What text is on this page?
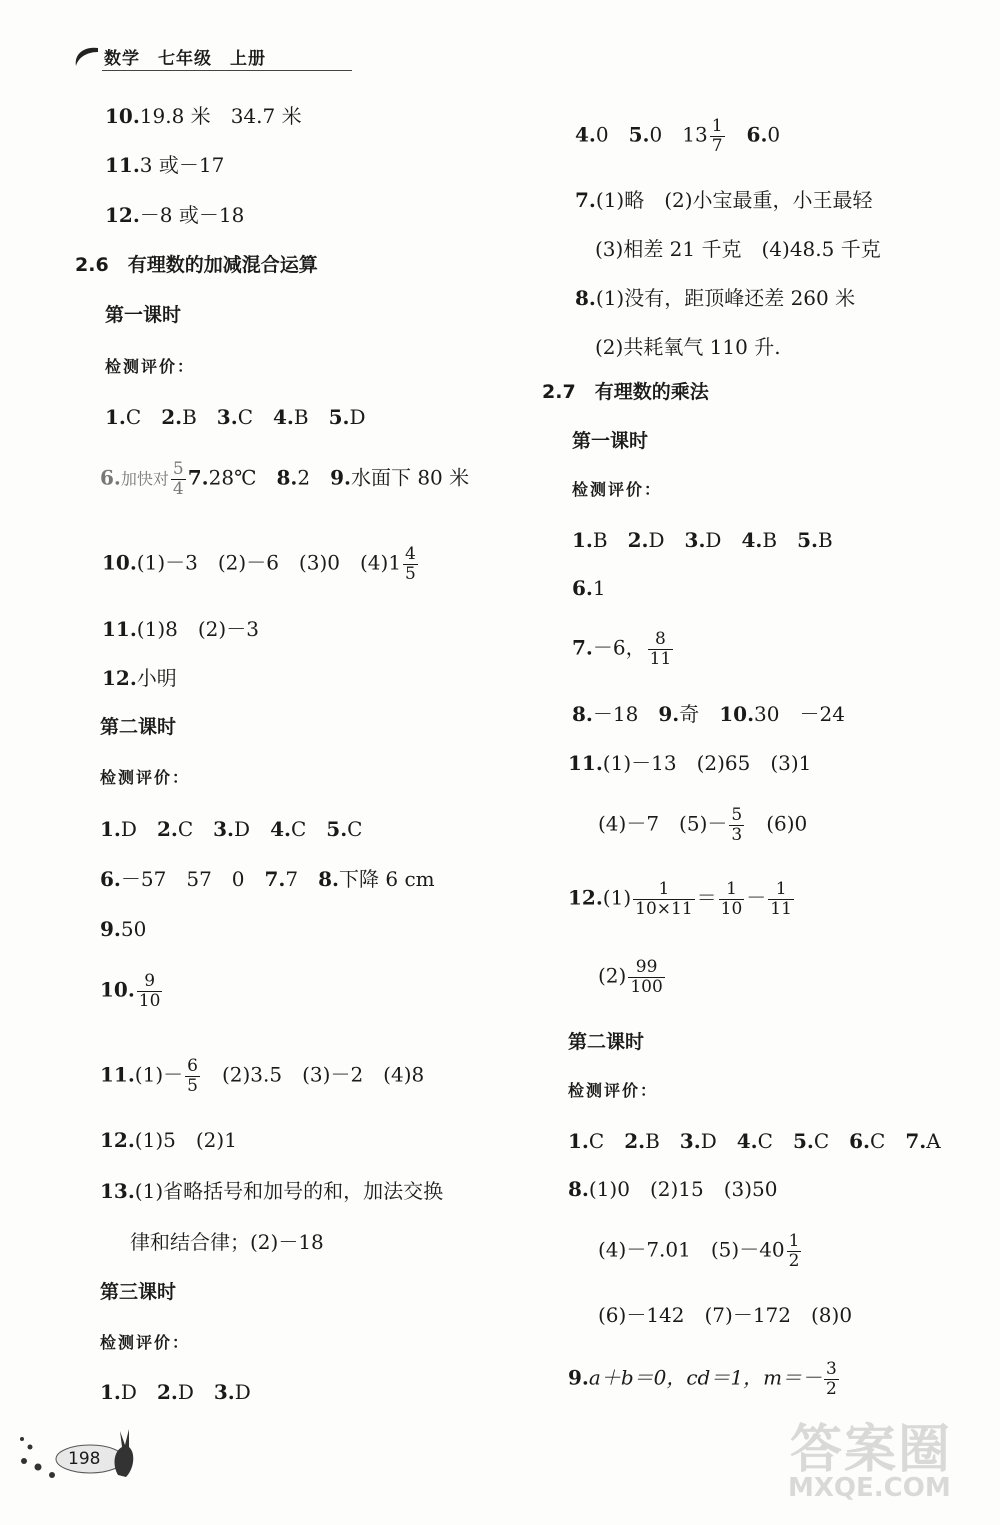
数学　 七年级　 上册
10.19.8 米　 34.7 米
11.3 或－17
12.－8 或－18
2.6　 有理数的加减混合运算
第一课时
检测评价：
1.C　 2.B　 3.C　 4.B　 5.D
6.加快对 $\frac{5}{4}$ 7.28℃　 8.2　 9.水面下 80 米
10.(1)－3　 (2)－6　 (3)0　 $(4)1 \frac{4}{5}$
11.(1)8　 (2)－3
12.小明
第二课时
检测评价：
1.D　 2.C　 3.D　 4.C　 5.C
6.－57　57　0　 7.7　 8.下降 6 cm
9.50
10. $\frac{9}{10}$
$11.(1)- \frac{6}{5}$
　 (2)3.5　 (3)－2　 (4)8
12.(1)5　 (2)1
13.(1)省略括号和加号的和，加法交换
律和结合律；(2)－18
第三课时
检测评价：
1.D　 2.D　 3.D
4.0　 5.0　$13 \frac{1}{7}$
　 6.0
7.(1)略　(2)小宝最重，小王最轻
(3)相差 21 千克　(4)48.5 千克
8.(1)没有，距顶峰还差 260 米
(2)共耗氧气 110 升.
2.7　 有理数的乘法
第一课时
检测评价：
1.B　 2.D　 3.D　 4.B　 5.B
6.1
7.－6， $\frac{8}{11}$
8.－18　 9.奇　 10.30　－24
11.(1)－13　(2)65　(3)1
(4)－7　$(5)- \frac{5}{3}$
　 (6)0
$12.(1) \frac{1}{10\times 11} = \frac{1}{10} - \frac{1}{11}$
$(2) \frac{99}{100}$
第二课时
检测评价：
1.C　 2.B　 3.D　 4.C　 5.C　 6.C　 7.A
8.(1)0　(2)15　(3)50
(4)－7.01　$(5)-40 \frac{1}{2}$
(6)－142　(7)－172　(8)0
9.a＋b＝0，cd＝1，$m=- \frac{3}{2}$
198	答案圈
MXQE.COM
